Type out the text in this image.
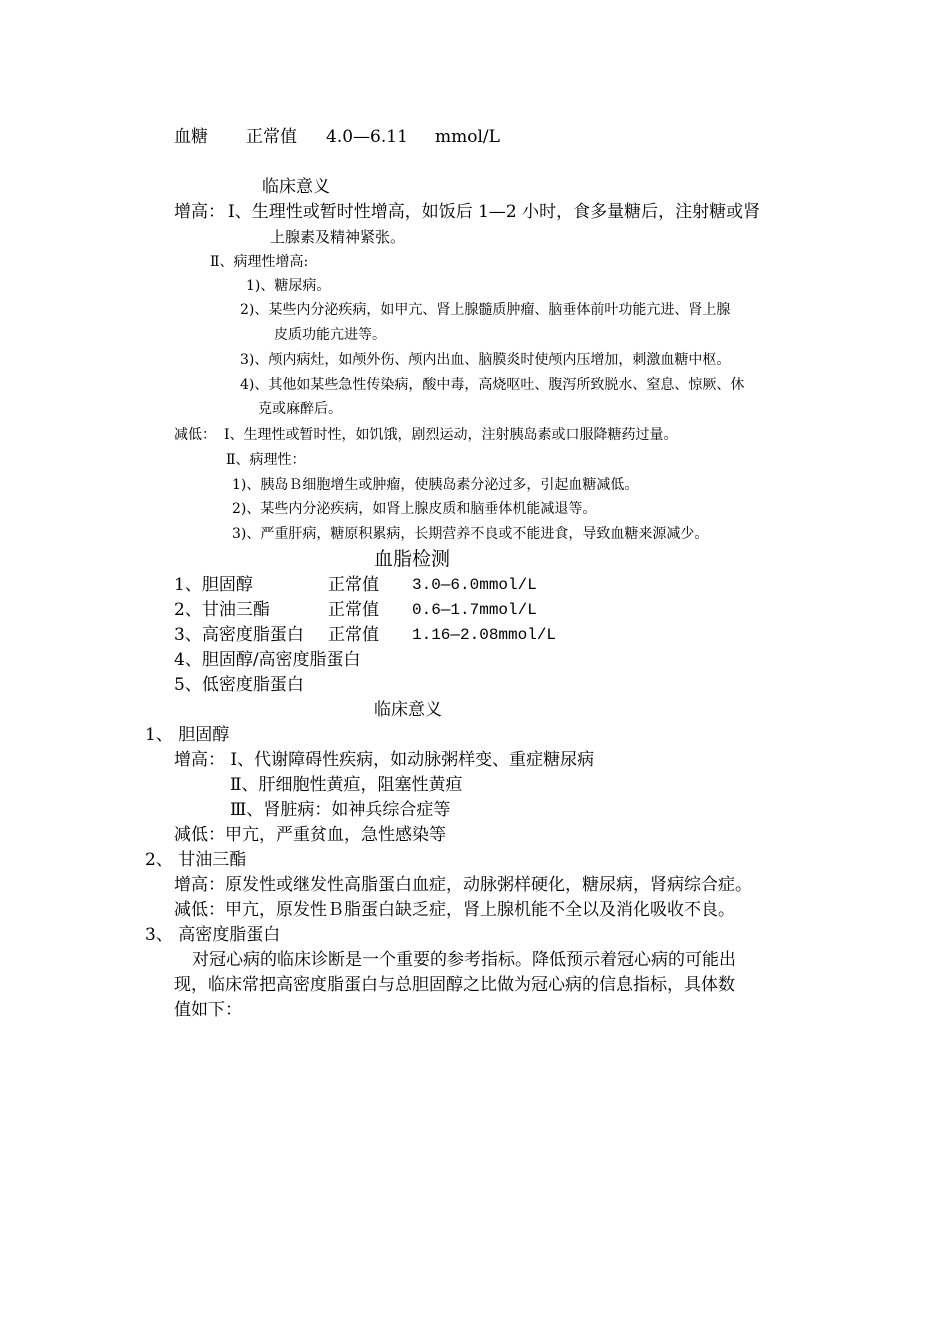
血糖 正常值 4.0—6.11 mmol/L
临床意义
增高： Ⅰ、生理性或暂时性增高，如饭后 1—2 小时，食多量糖后，注射糖或肾
上腺素及精神紧张。
Ⅱ、病理性增高:
1)、糖尿病。
2)、某些内分泌疾病，如甲亢、肾上腺髓质肿瘤、脑垂体前叶功能亢进、肾上腺
皮质功能亢进等。
3)、颅内病灶，如颅外伤、颅内出血、脑膜炎时使颅内压增加，刺激血糖中枢。
4)、其他如某些急性传染病，酸中毒，高烧呕吐、腹泻所致脱水、窒息、惊厥、休
克或麻醉后。
减低： Ⅰ、生理性或暂时性，如饥饿，剧烈运动，注射胰岛素或口服降糖药过量。
Ⅱ、病理性：
1)、胰岛Ｂ细胞增生或肿瘤，使胰岛素分泌过多，引起血糖减低。
2)、某些内分泌疾病，如肾上腺皮质和脑垂体机能减退等。
3)、严重肝病，糖原积累病，长期营养不良或不能进食，导致血糖来源减少。
血脂检测
1、胆固醇	正常值 3.0—6.0mmol/L
2、甘油三酯	正常值 0.6—1.7mmol/L
3、高密度脂蛋白 正常值 1.16—2.08mmol/L
4、胆固醇/高密度脂蛋白
5、低密度脂蛋白
临床意义
1、 胆固醇
增高： Ⅰ、代谢障碍性疾病，如动脉粥样变、重症糖尿病
Ⅱ、肝细胞性黄疸，阻塞性黄疸
Ⅲ、肾脏病：如神兵综合症等
减低：甲亢，严重贫血，急性感染等
2、 甘油三酯
增高：原发性或继发性高脂蛋白血症，动脉粥样硬化，糖尿病，肾病综合症。
减低：甲亢，原发性Ｂ脂蛋白缺乏症，肾上腺机能不全以及消化吸收不良。
3、 高密度脂蛋白
对冠心病的临床诊断是一个重要的参考指标。降低预示着冠心病的可能出
现，临床常把高密度脂蛋白与总胆固醇之比做为冠心病的信息指标，具体数
值如下：
